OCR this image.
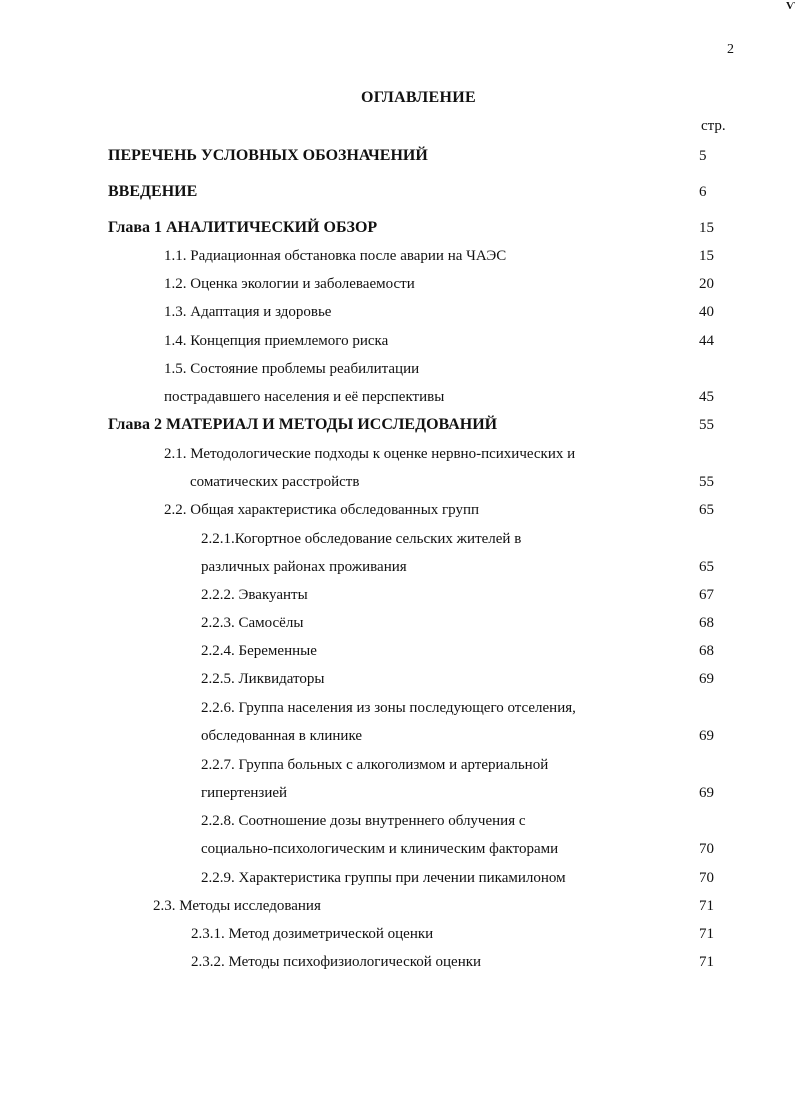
Ѵ
2
ОГЛАВЛЕНИЕ
стр.
ПЕРЕЧЕНЬ УСЛОВНЫХ ОБОЗНАЧЕНИЙ	5
ВВЕДЕНИЕ	6
Глава 1 АНАЛИТИЧЕСКИЙ ОБЗОР	15
1.1. Радиационная обстановка после аварии на ЧАЭС	15
1.2. Оценка экологии и заболеваемости	20
1.3. Адаптация и здоровье	40
1.4. Концепция приемлемого риска	44
1.5. Состояние проблемы реабилитации
пострадавшего населения и её перспективы	45
Глава 2 МАТЕРИАЛ И МЕТОДЫ ИССЛЕДОВАНИЙ	55
2.1. Методологические подходы к оценке нервно-психических и
соматических расстройств	55
2.2. Общая характеристика обследованных групп	65
2.2.1.Когортное обследование сельских жителей в
различных районах проживания	65
2.2.2. Эвакуанты	67
2.2.3. Самосёлы	68
2.2.4. Беременные	68
2.2.5. Ликвидаторы	69
2.2.6. Группа населения из зоны последующего отселения,
обследованная в клинике	69
2.2.7. Группа больных с алкоголизмом и артериальной
гипертензией	69
2.2.8. Соотношение дозы внутреннего облучения с
социально-психологическим и клиническим факторами	70
2.2.9. Характеристика группы при лечении пикамилоном	70
2.3. Методы исследования	71
2.3.1. Метод дозиметрической оценки	71
2.3.2. Методы психофизиологической оценки	71
